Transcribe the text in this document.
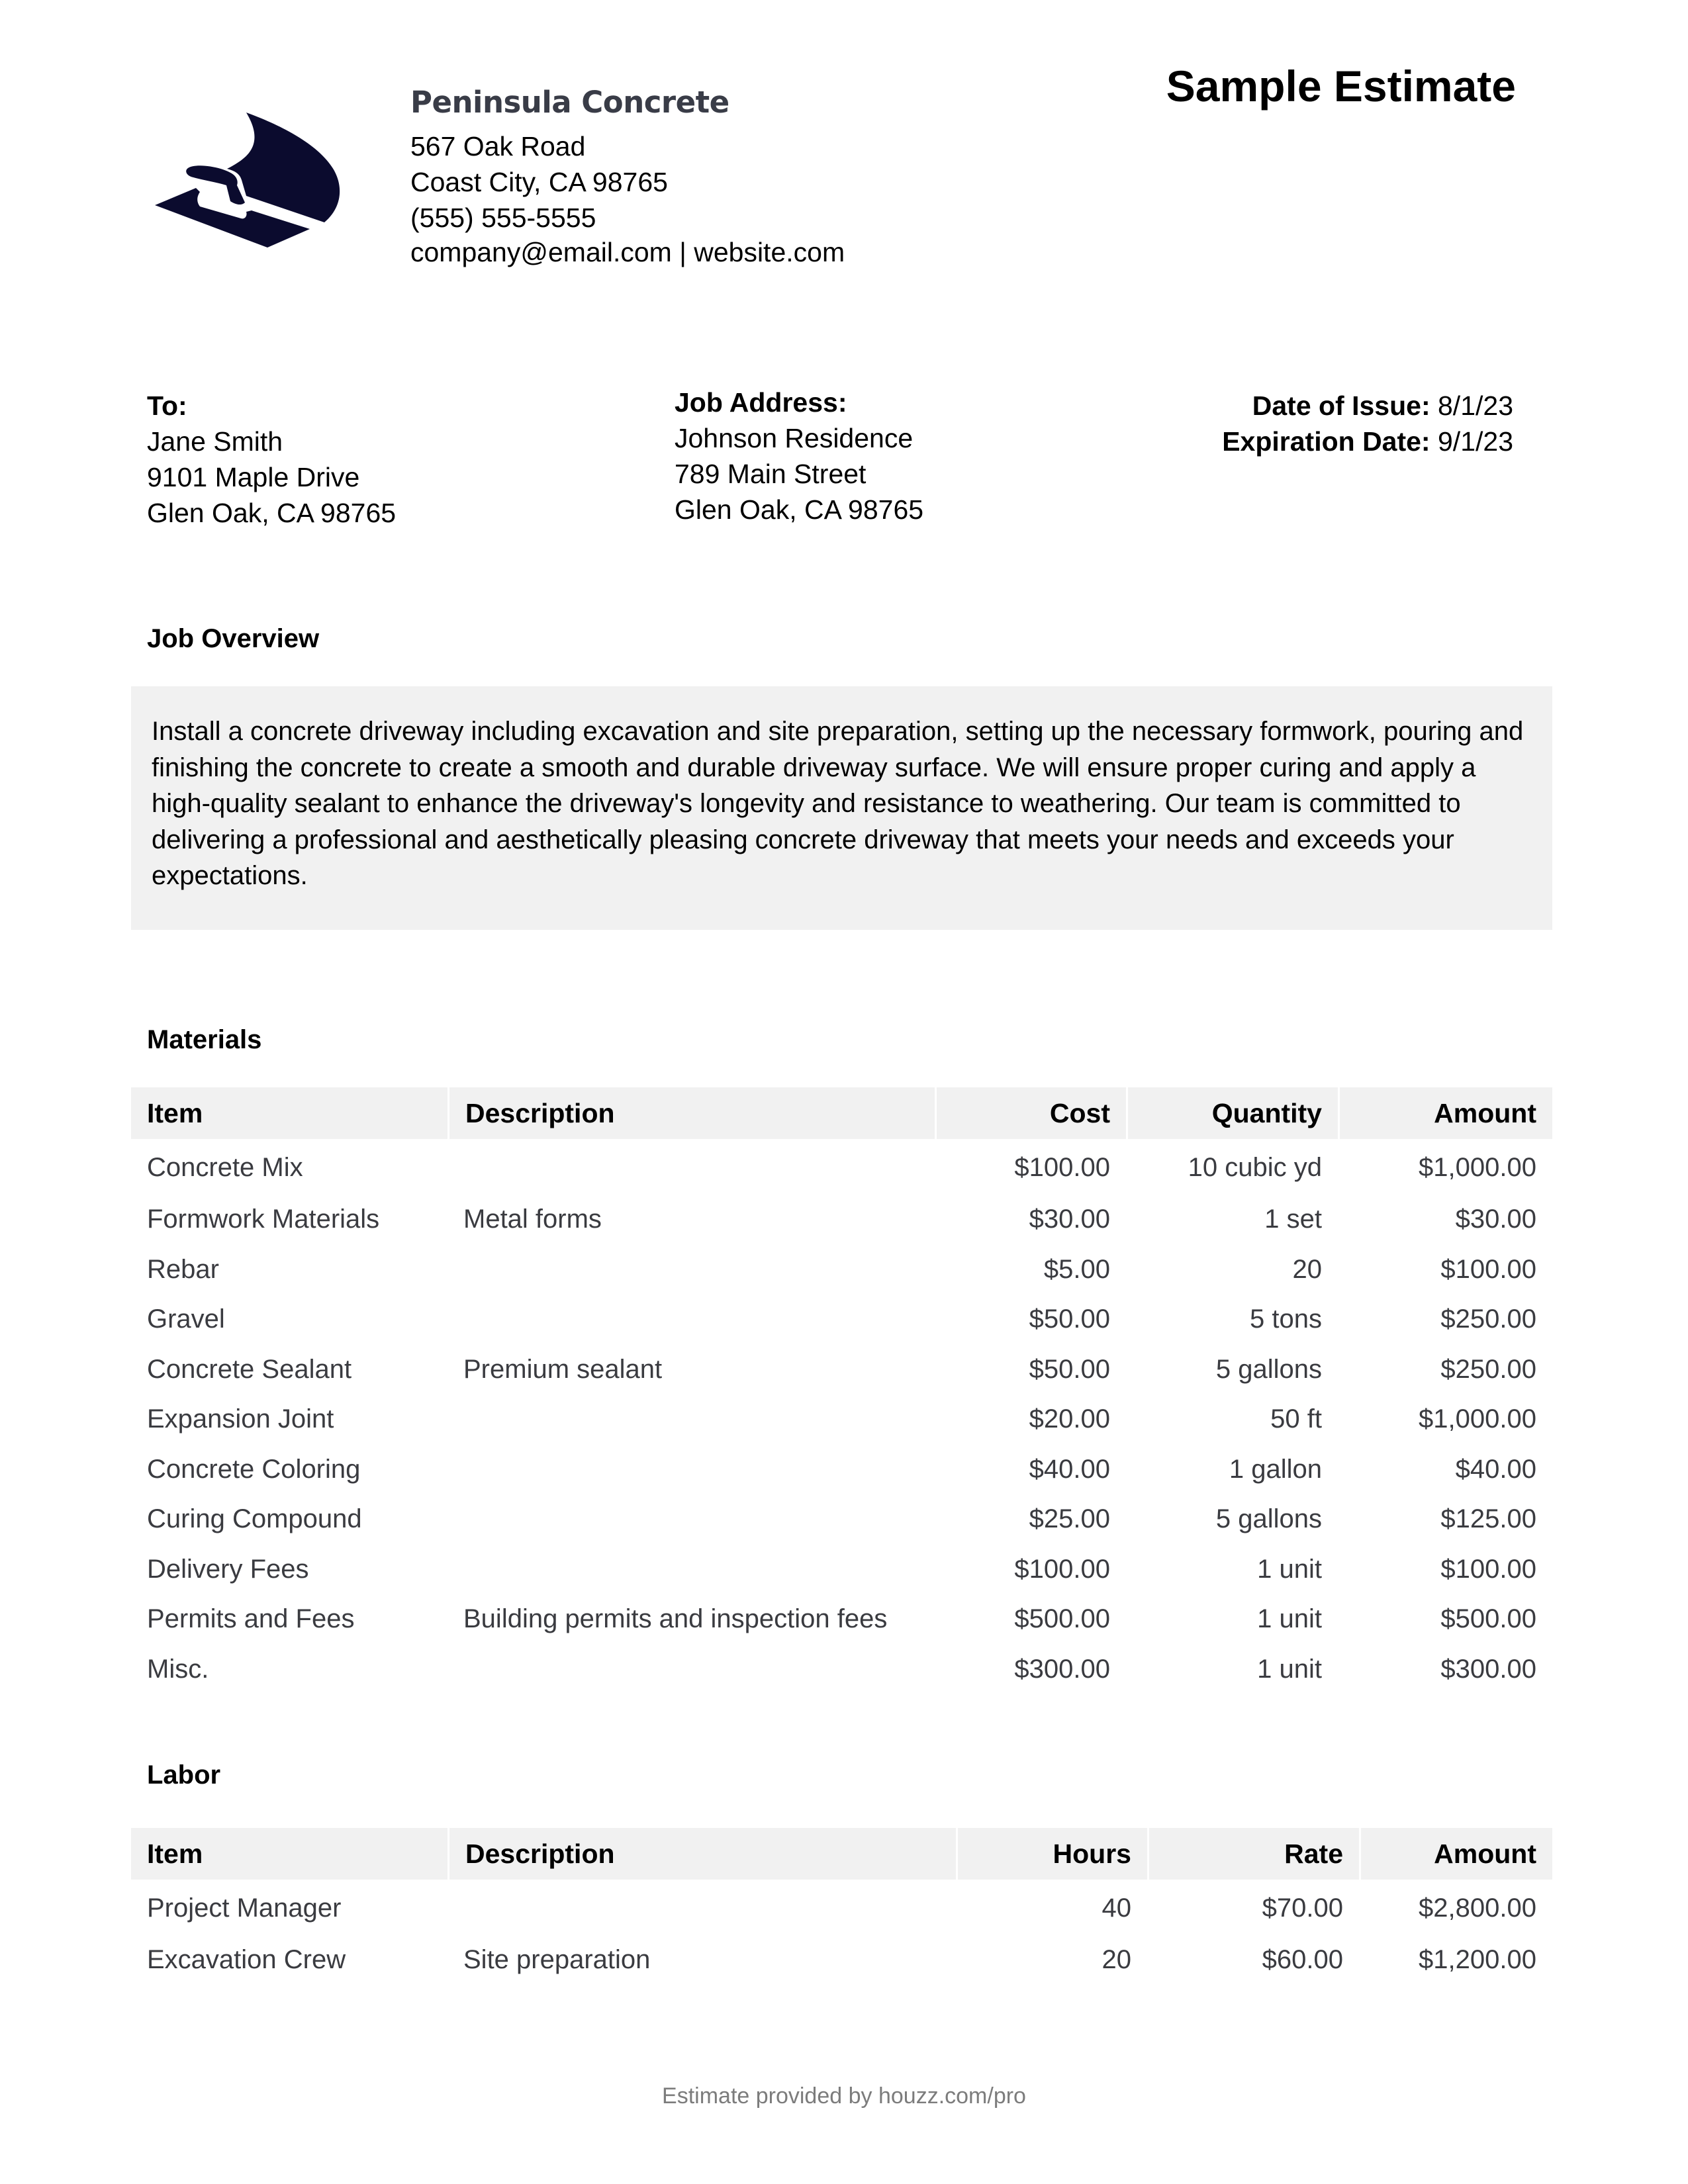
Peninsula Concrete
567 Oak Road
Coast City, CA 98765
(555) 555-5555
company@email.com | website.com
Sample Estimate
To:
Jane Smith
9101 Maple Drive
Glen Oak, CA 98765
Job Address:
Johnson Residence
789 Main Street
Glen Oak, CA 98765
Date of Issue: 8/1/23
Expiration Date: 9/1/23
Job Overview
Install a concrete driveway including excavation and site preparation, setting up the necessary formwork, pouring and finishing the concrete to create a smooth and durable driveway surface. We will ensure proper curing and apply a high-quality sealant to enhance the driveway's longevity and resistance to weathering. Our team is committed to delivering a professional and aesthetically pleasing concrete driveway that meets your needs and exceeds your expectations.
Materials
Item	Description	Cost	Quantity	Amount
Concrete Mix		$100.00	10 cubic yd	$1,000.00
Formwork Materials	Metal forms	$30.00	1 set	$30.00
Rebar		$5.00	20	$100.00
Gravel		$50.00	5 tons	$250.00
Concrete Sealant	Premium sealant	$50.00	5 gallons	$250.00
Expansion Joint		$20.00	50 ft	$1,000.00
Concrete Coloring		$40.00	1 gallon	$40.00
Curing Compound		$25.00	5 gallons	$125.00
Delivery Fees		$100.00	1 unit	$100.00
Permits and Fees	Building permits and inspection fees	$500.00	1 unit	$500.00
Misc.		$300.00	1 unit	$300.00
Labor
Item	Description	Hours	Rate	Amount
Project Manager		40	$70.00	$2,800.00
Excavation Crew	Site preparation	20	$60.00	$1,200.00
Estimate provided by houzz.com/pro
